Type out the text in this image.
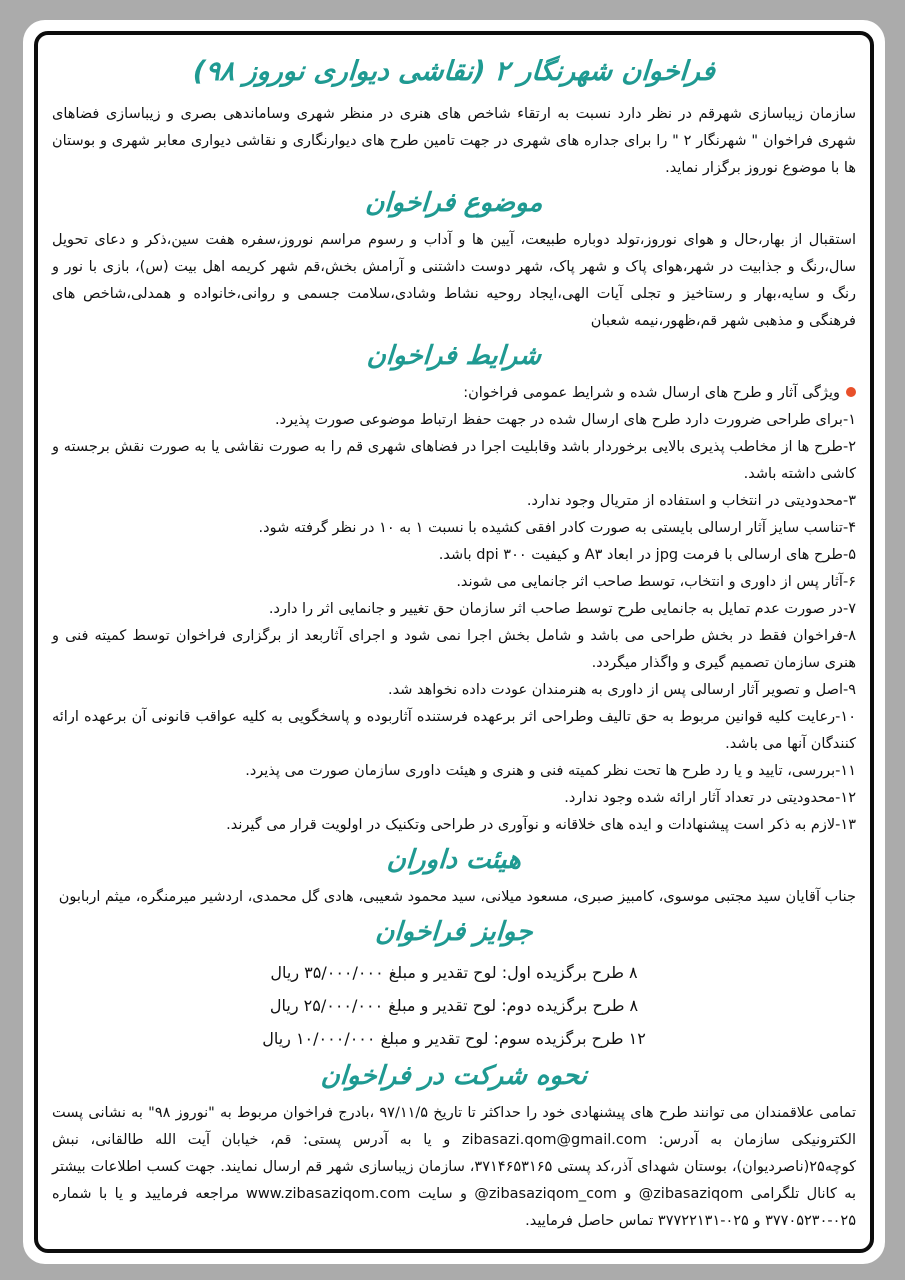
فراخوان شهرنگار ۲ (نقاشی دیواری نوروز ۹۸)

سازمان زیباسازی شهرقم در نظر دارد نسبت به ارتقاء شاخص های هنری در منظر شهری وساماندهی بصری و زیباسازی فضاهای شهری فراخوان " شهرنگار ۲ " را برای جداره های شهری در جهت تامین طرح های دیوارنگاری و نقاشی دیواری معابر شهری و بوستان ها با موضوع نوروز برگزار نماید.

موضوع فراخوان

استقبال از بهار،حال و هوای نوروز،تولد دوباره طبیعت، آیین ها و آداب و رسوم مراسم نوروز،سفره هفت سین،ذکر و دعای تحویل سال،رنگ و جذابیت در شهر،هوای پاک و شهر پاک، شهر دوست داشتنی و آرامش بخش،قم شهر کریمه اهل بیت (س)، بازی با نور و رنگ و سایه،بهار و رستاخیز و تجلی آیات الهی،ایجاد روحیه نشاط وشادی،سلامت جسمی و روانی،خانواده و همدلی،شاخص های فرهنگی و مذهبی شهر قم،ظهور،نیمه شعبان

شرایط فراخوان
ویژگی آثار و طرح های ارسال شده و شرایط عمومی فراخوان:
۱-برای طراحی ضرورت دارد طرح های ارسال شده در جهت حفظ ارتباط موضوعی صورت پذیرد.
۲-طرح ها از مخاطب پذیری بالایی برخوردار باشد وقابلیت اجرا در فضاهای شهری قم را به صورت نقاشی یا به صورت نقش برجسته و کاشی داشته باشد.
۳-محدودیتی در انتخاب و استفاده از متریال وجود ندارد.
۴-تناسب سایز آثار ارسالی بایستی به صورت کادر افقی کشیده با نسبت ۱ به ۱۰ در نظر گرفته شود.
۵-طرح های ارسالی با فرمت jpg در ابعاد A۳ و کیفیت ۳۰۰ dpi باشد.
۶-آثار پس از داوری و انتخاب، توسط صاحب اثر جانمایی می شوند.
۷-در صورت عدم تمایل به جانمایی طرح توسط صاحب اثر سازمان حق تغییر و جانمایی اثر را دارد.
۸-فراخوان فقط در بخش طراحی می باشد و شامل بخش اجرا نمی شود و اجرای آثاربعد از برگزاری فراخوان توسط کمیته فنی و هنری سازمان تصمیم گیری و واگذار میگردد.
۹-اصل و تصویر آثار ارسالی پس از داوری به هنرمندان عودت داده نخواهد شد.
۱۰-رعایت کلیه قوانین مربوط به حق تالیف وطراحی اثر برعهده فرستنده آثاربوده و پاسخگویی به کلیه عواقب قانونی آن برعهده ارائه کنندگان آنها می باشد.
۱۱-بررسی، تایید و یا رد طرح ها تحت نظر کمیته فنی و هنری و هیئت داوری سازمان صورت می پذیرد.
۱۲-محدودیتی در تعداد آثار ارائه شده وجود ندارد.
۱۳-لازم به ذکر است پیشنهادات و ایده های خلاقانه و نوآوری در طراحی وتکنیک در اولویت قرار می گیرند.
هیئت داوران
جناب آقایان سید مجتبی موسوی، کامبیز صبری، مسعود میلانی، سید محمود شعیبی، هادی گل محمدی، اردشیر میرمنگره، میثم اربابون
جوایز فراخوان
۸ طرح برگزیده اول: لوح تقدیر و مبلغ ۳۵/۰۰۰/۰۰۰ ریال
۸ طرح برگزیده دوم: لوح تقدیر و مبلغ ۲۵/۰۰۰/۰۰۰ ریال
۱۲ طرح برگزیده سوم: لوح تقدیر و مبلغ ۱۰/۰۰۰/۰۰۰ ریال
نحوه شرکت در فراخوان

تمامی علاقمندان می توانند طرح های پیشنهادی خود را حداکثر تا تاریخ ۹۷/۱۱/۵ ،بادرج فراخوان مربوط به "نوروز ۹۸" به نشانی پست الکترونیکی سازمان به آدرس: zibasazi.qom@gmail.com و یا به آدرس پستی: قم، خیابان آیت الله طالقانی، نبش کوچه۲۵(ناصردیوان)، بوستان شهدای آذر،کد پستی ۳۷۱۴۶۵۳۱۶۵، سازمان زیباسازی شهر قم ارسال نمایند. جهت کسب اطلاعات بیشتر به کانال تلگرامی ‎@zibasaziqom و ‎@zibasaziqom_com و سایت www.zibasaziqom.com مراجعه فرمایید و یا با شماره ۰۲۵-۳۷۷۰۵۲۳۰ و ۰۲۵-۳۷۷۲۲۱۳۱ تماس حاصل فرمایید.
